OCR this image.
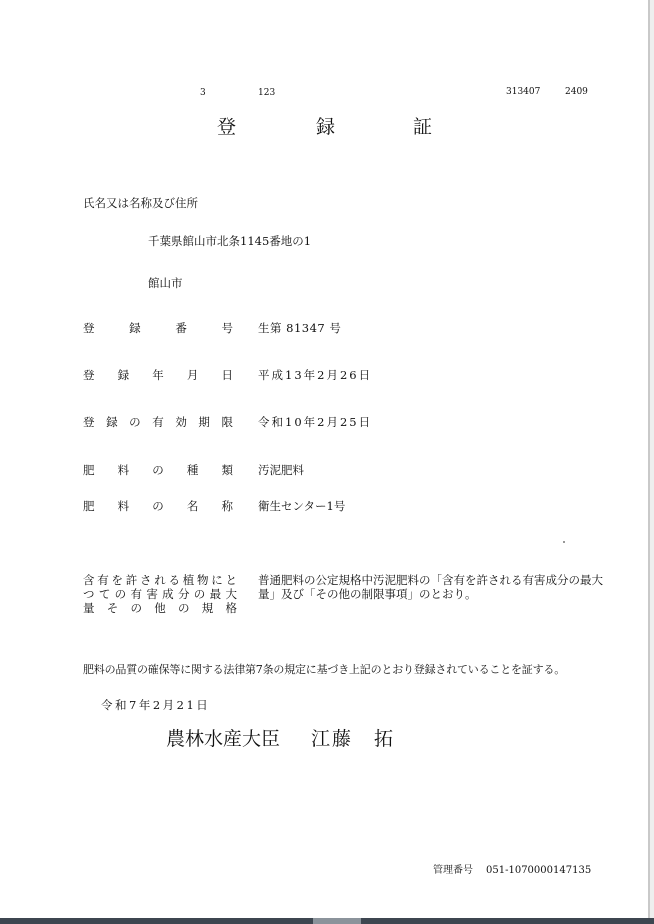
3	123	313407	2409
登	録	証
氏名又は名称及び住所
千葉県館山市北条1145番地の1
館山市
登	録	番	号 生第 81347 号
登 録 年 月 日 平成13年2月26日
登 録 の 有 効 期 限 令和10年2月25日
肥 料 の 種 類 汚泥肥料
肥 料 の 名 称 衛生センター1号
含 有 を 許 さ れ る 植 物 に と
つ て の 有 害 成 分 の 最 大
量 そ の 他 の 規 格
普通肥料の公定規格中汚泥肥料の「含有を許される有害成分の最大量」及び「その他の制限事項」のとおり。
肥料の品質の確保等に関する法律第7条の規定に基づき上記のとおり登録されていることを証する。
令和7年2月21日
農林水産大臣 江藤 拓
管理番号 051-1070000147135
